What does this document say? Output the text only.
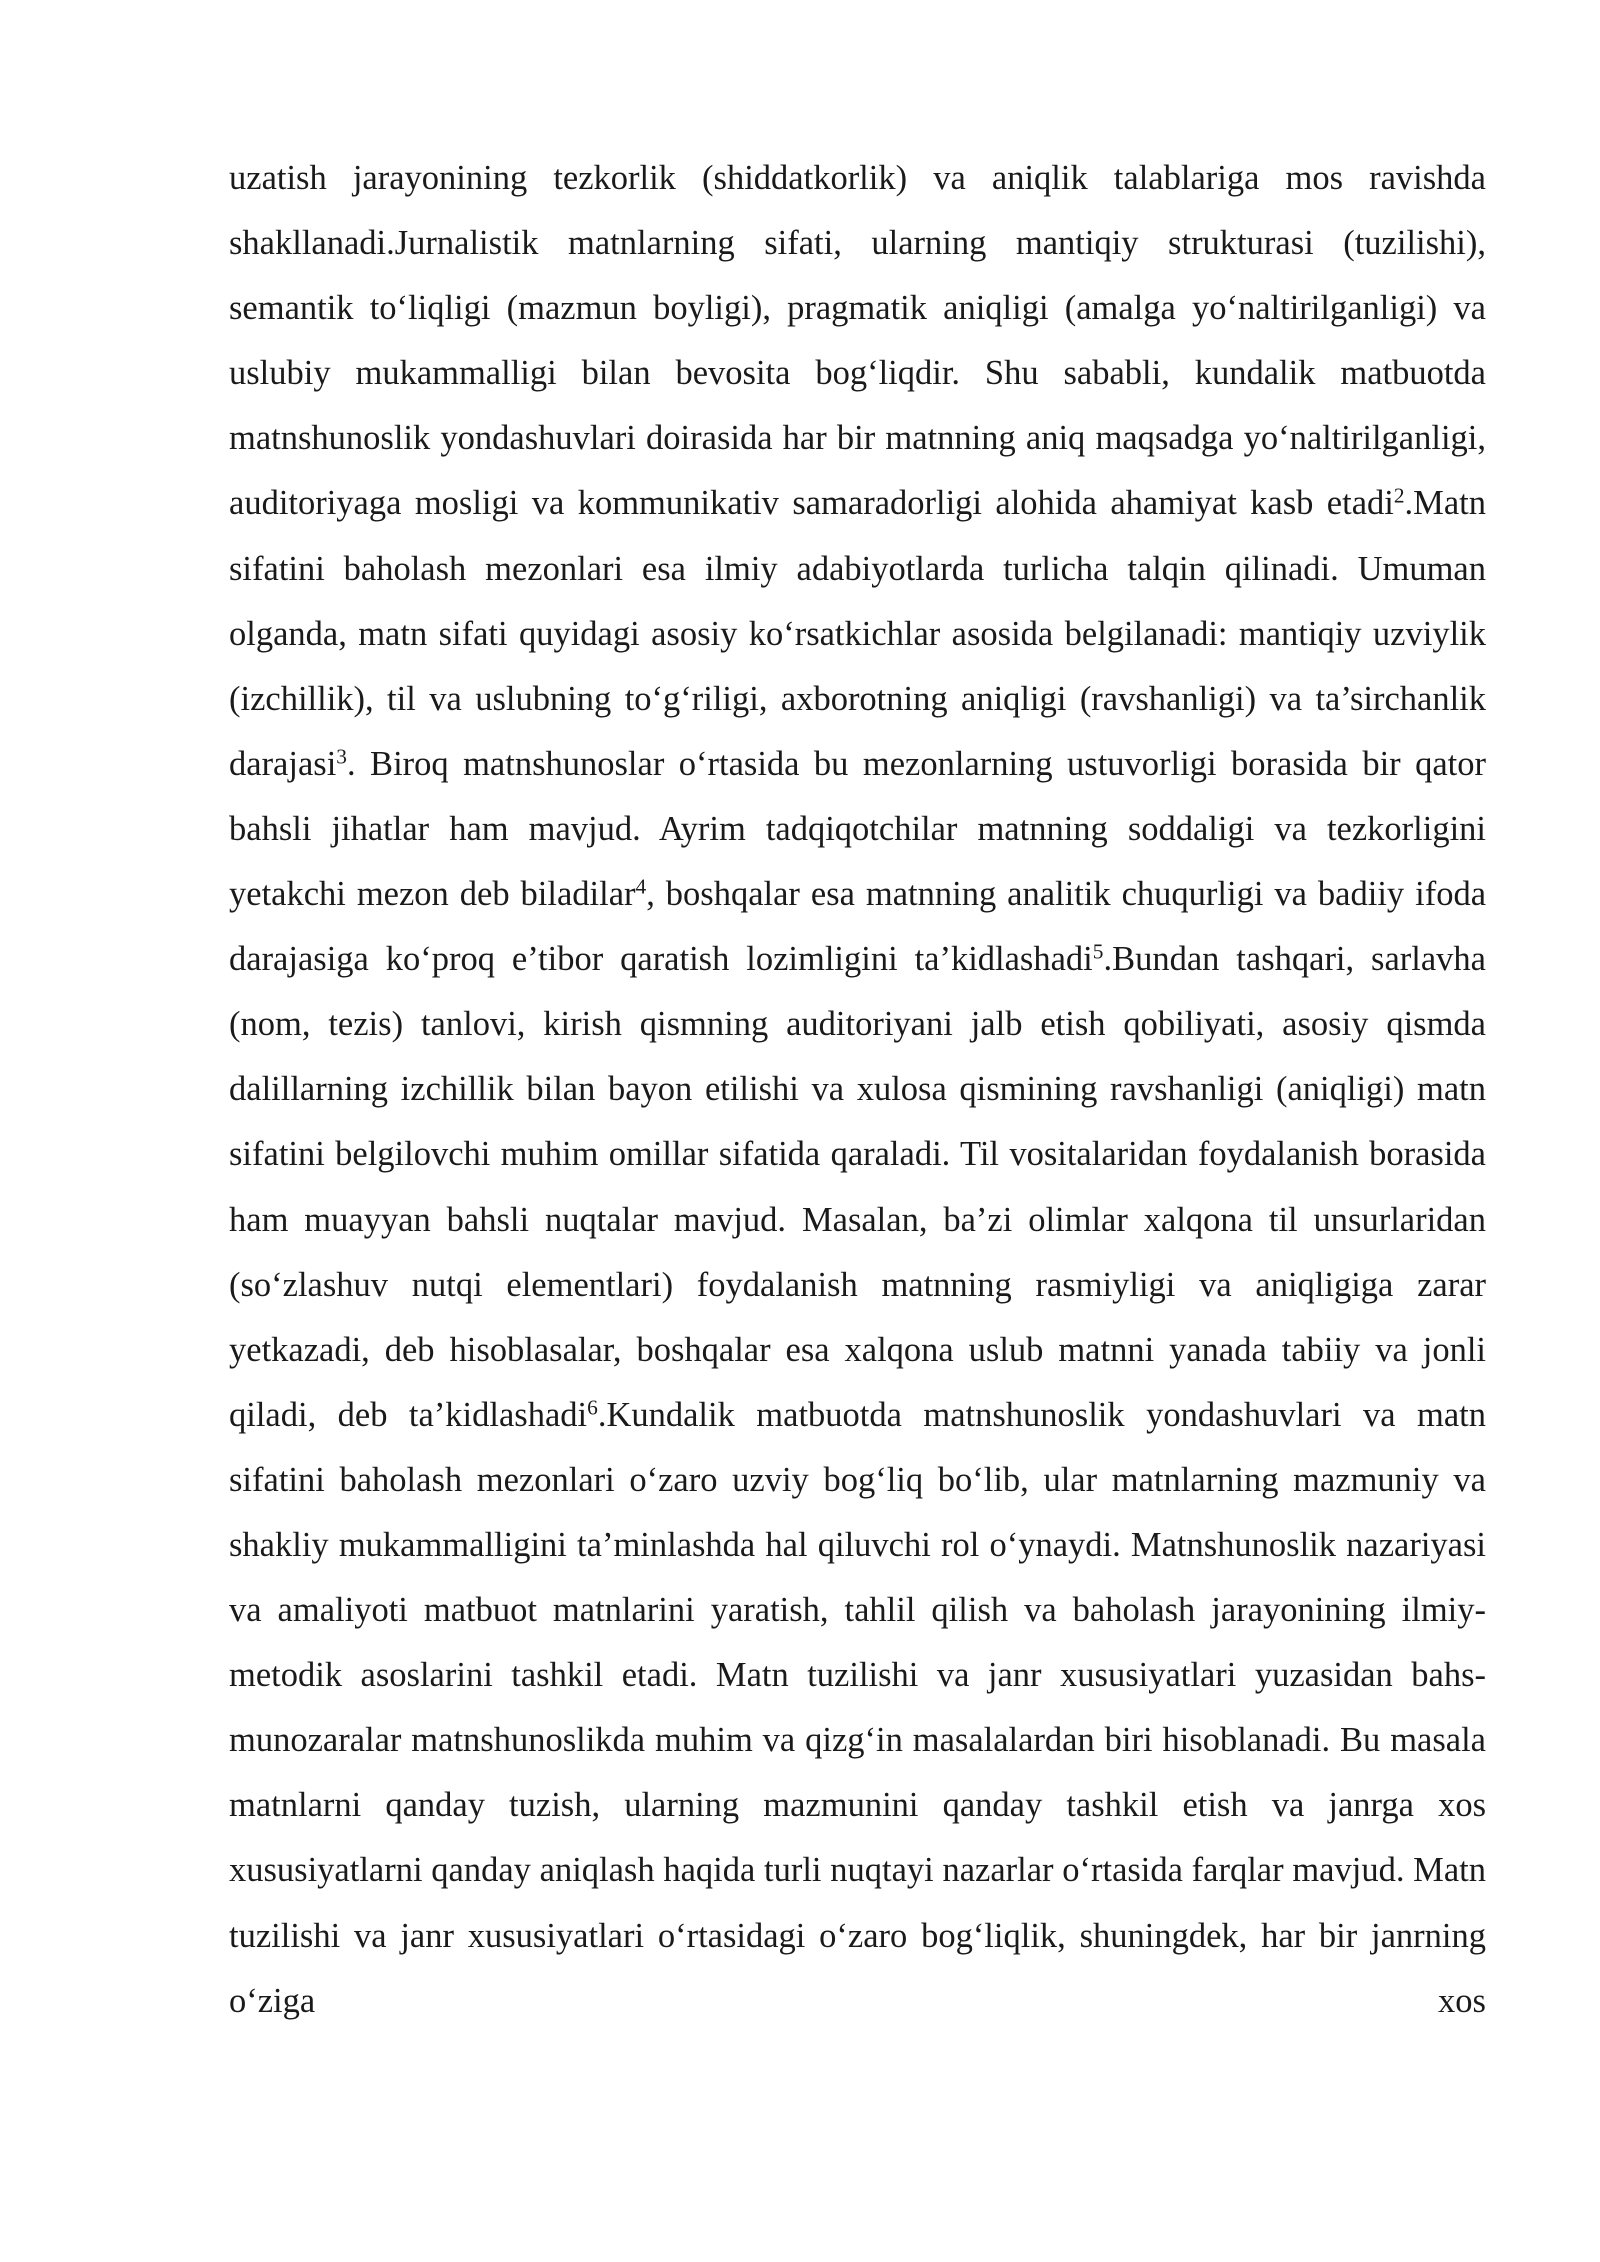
uzatish jarayonining tezkorlik (shiddatkorlik) va aniqlik talablariga mos ravishda shakllanadi.Jurnalistik matnlarning sifati, ularning mantiqiy strukturasi (tuzilishi), semantik to‘liqligi (mazmun boyligi), pragmatik aniqligi (amalga yo‘naltirilganligi) va uslubiy mukammalligi bilan bevosita bog‘liqdir. Shu sababli, kundalik matbuotda matnshunoslik yondashuvlari doirasida har bir matnning aniq maqsadga yo‘naltirilganligi, auditoriyaga mosligi va kommunikativ samaradorligi alohida ahamiyat kasb etadi$^2$.Matn sifatini baholash mezonlari esa ilmiy adabiyotlarda turlicha talqin qilinadi. Umuman olganda, matn sifati quyidagi asosiy ko‘rsatkichlar asosida belgilanadi: mantiqiy uzviylik (izchillik), til va uslubning to‘g‘riligi, axborotning aniqligi (ravshanligi) va ta’sirchanlik darajasi$^3$. Biroq matnshunoslar o‘rtasida bu mezonlarning ustuvorligi borasida bir qator bahsli jihatlar ham mavjud. Ayrim tadqiqotchilar matnning soddaligi va tezkorligini yetakchi mezon deb biladilar$^4$, boshqalar esa matnning analitik chuqurligi va badiiy ifoda darajasiga ko‘proq e’tibor qaratish lozimligini ta’kidlashadi$^5$.Bundan tashqari, sarlavha (nom, tezis) tanlovi, kirish qismning auditoriyani jalb etish qobiliyati, asosiy qismda dalillarning izchillik bilan bayon etilishi va xulosa qismining ravshanligi (aniqligi) matn sifatini belgilovchi muhim omillar sifatida qaraladi. Til vositalaridan foydalanish borasida ham muayyan bahsli nuqtalar mavjud. Masalan, ba’zi olimlar xalqona til unsurlaridan (so‘zlashuv nutqi elementlari) foydalanish matnning rasmiyligi va aniqligiga zarar yetkazadi, deb hisoblasalar, boshqalar esa xalqona uslub matnni yanada tabiiy va jonli qiladi, deb ta’kidlashadi$^6$.Kundalik matbuotda matnshunoslik yondashuvlari va matn sifatini baholash mezonlari o‘zaro uzviy bog‘liq bo‘lib, ular matnlarning mazmuniy va shakliy mukammalligini ta’minlashda hal qiluvchi rol o‘ynaydi. Matnshunoslik nazariyasi va amaliyoti matbuot matnlarini yaratish, tahlil qilish va baholash jarayonining ilmiy-metodik asoslarini tashkil etadi. Matn tuzilishi va janr xususiyatlari yuzasidan bahs-munozaralar matnshunoslikda muhim va qizg‘in masalalardan biri hisoblanadi. Bu masala matnlarni qanday tuzish, ularning mazmunini qanday tashkil etish va janrga xos xususiyatlarni qanday aniqlash haqida turli nuqtayi nazarlar o‘rtasida farqlar mavjud. Matn tuzilishi va janr xususiyatlari o‘rtasidagi o‘zaro bog‘liqlik, shuningdek, har bir janrning o‘ziga xos
